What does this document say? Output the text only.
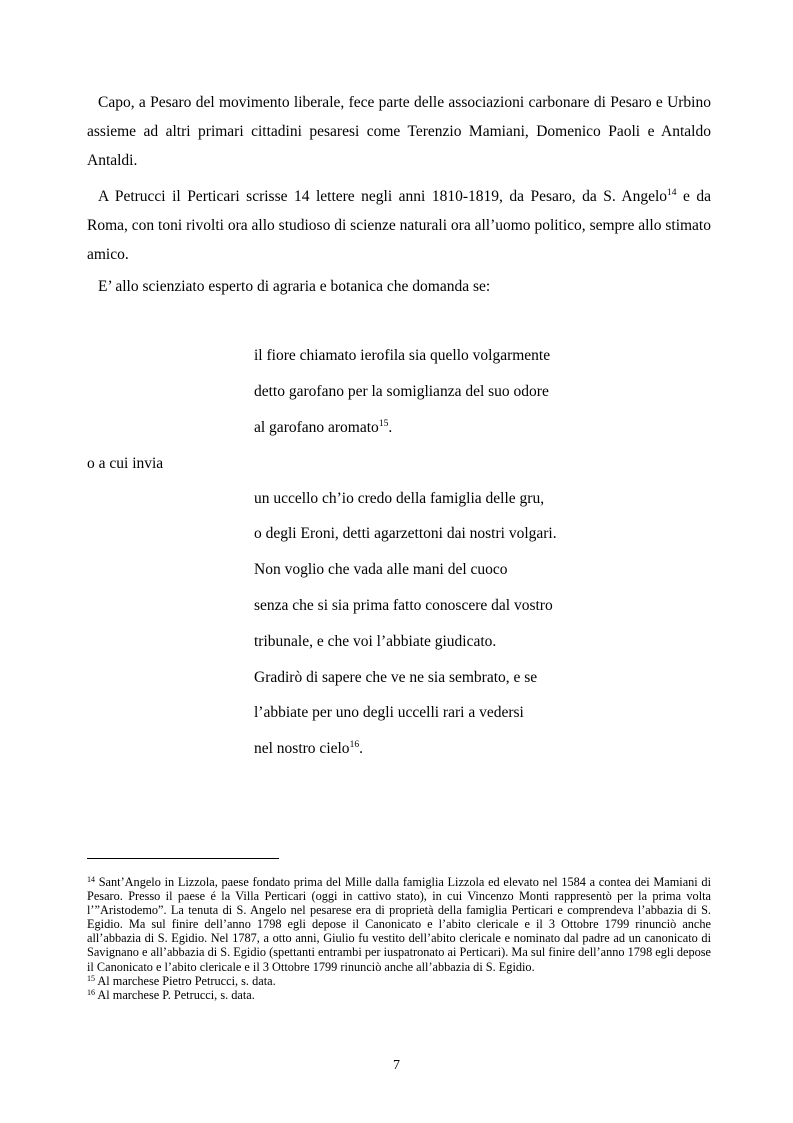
Capo, a Pesaro del movimento liberale, fece parte delle associazioni carbonare di Pesaro e Urbino assieme ad altri primari cittadini pesaresi come Terenzio Mamiani, Domenico Paoli e Antaldo Antaldi.

A Petrucci il Perticari scrisse 14 lettere negli anni 1810-1819, da Pesaro, da S. Angelo$^{14}$ e da Roma, con toni rivolti ora allo studioso di scienze naturali ora all’uomo politico, sempre allo stimato amico.

E’ allo scienziato esperto di agraria e botanica che domanda se:

il fiore chiamato ierofila sia quello volgarmente
detto garofano per la somiglianza del suo odore
al garofano aromato$^{15}$.
o a cui invia
un uccello ch’io credo della famiglia delle gru,
o degli Eroni, detti agarzettoni dai nostri volgari.
Non voglio che vada alle mani del cuoco
senza che si sia prima fatto conoscere dal vostro
tribunale, e che voi l’abbiate giudicato.
Gradirò di sapere che ve ne sia sembrato, e se
l’abbiate per uno degli uccelli rari a vedersi
nel nostro cielo$^{16}$.

$^{14}$ Sant’Angelo in Lizzola, paese fondato prima del Mille dalla famiglia Lizzola ed elevato nel 1584 a contea dei Mamiani di Pesaro. Presso il paese é la Villa Perticari (oggi in cattivo stato), in cui Vincenzo Monti rappresentò per la prima volta l’”Aristodemo”. La tenuta di S. Angelo nel pesarese era di proprietà della famiglia Perticari e comprendeva l’abbazia di S. Egidio. Ma sul finire dell’anno 1798 egli depose il Canonicato e l’abito clericale e il 3 Ottobre 1799 rinunciò anche all’abbazia di S. Egidio. Nel 1787, a otto anni, Giulio fu vestito dell’abito clericale e nominato dal padre ad un canonicato di Savignano e all’abbazia di S. Egidio (spettanti entrambi per iuspatronato ai Perticari). Ma sul finire dell’anno 1798 egli depose il Canonicato e l’abito clericale e il 3 Ottobre 1799 rinunciò anche all’abbazia di S. Egidio.

$^{15}$ Al marchese Pietro Petrucci, s. data.

$^{16}$ Al marchese P. Petrucci, s. data.

7
